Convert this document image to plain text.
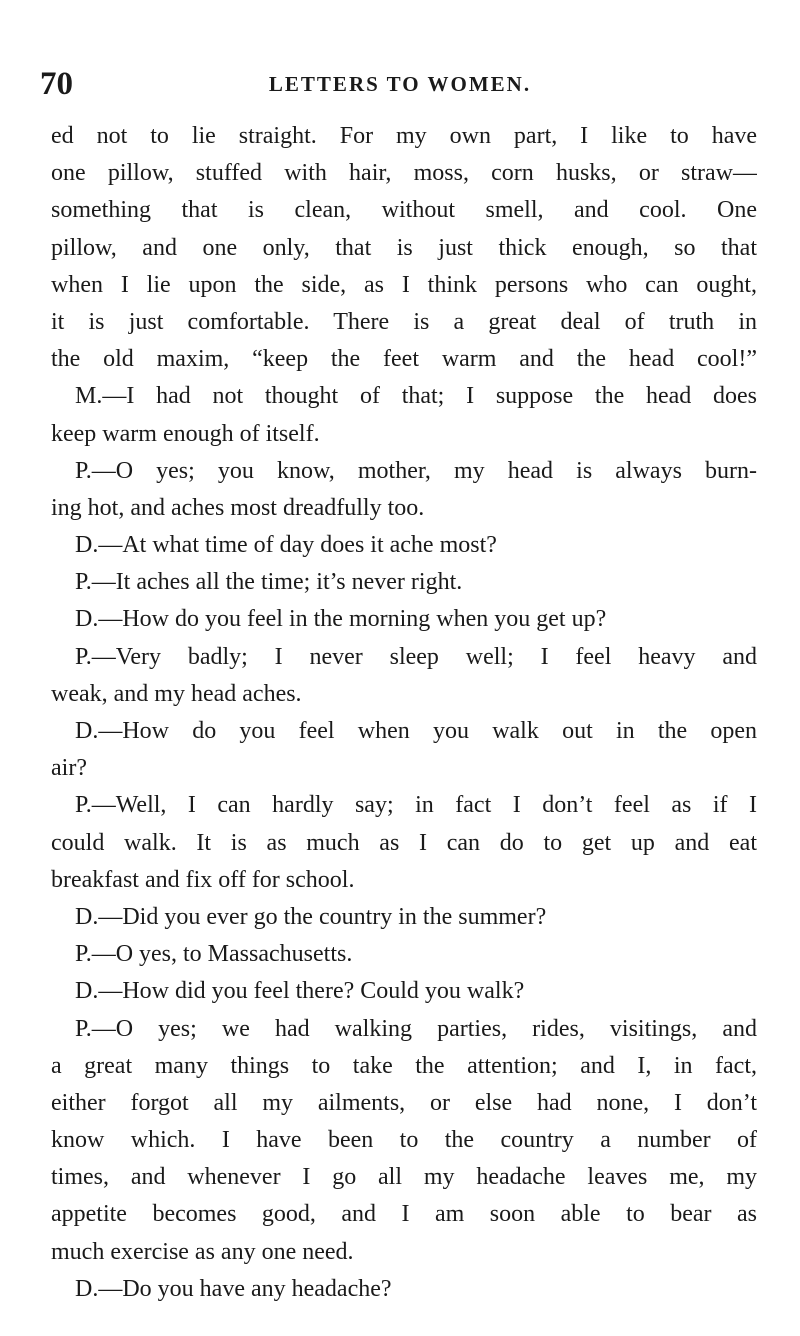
70	LETTERS TO WOMEN.
ed not to lie straight. For my own part, I like to have
one pillow, stuffed with hair, moss, corn husks, or straw—
something that is clean, without smell, and cool. One
pillow, and one only, that is just thick enough, so that
when I lie upon the side, as I think persons who can ought,
it is just comfortable. There is a great deal of truth in
the old maxim, “keep the feet warm and the head cool!”
M.—I had not thought of that; I suppose the head does
keep warm enough of itself.
P.—O yes; you know, mother, my head is always burn-
ing hot, and aches most dreadfully too.
D.—At what time of day does it ache most?
P.—It aches all the time; it’s never right.
D.—How do you feel in the morning when you get up?
P.—Very badly; I never sleep well; I feel heavy and
weak, and my head aches.
D.—How do you feel when you walk out in the open
air?
P.—Well, I can hardly say; in fact I don’t feel as if I
could walk. It is as much as I can do to get up and eat
breakfast and fix off for school.
D.—Did you ever go the country in the summer?
P.—O yes, to Massachusetts.
D.—How did you feel there? Could you walk?
P.—O yes; we had walking parties, rides, visitings, and
a great many things to take the attention; and I, in fact,
either forgot all my ailments, or else had none, I don’t
know which. I have been to the country a number of
times, and whenever I go all my headache leaves me, my
appetite becomes good, and I am soon able to bear as
much exercise as any one need.
D.—Do you have any headache?
